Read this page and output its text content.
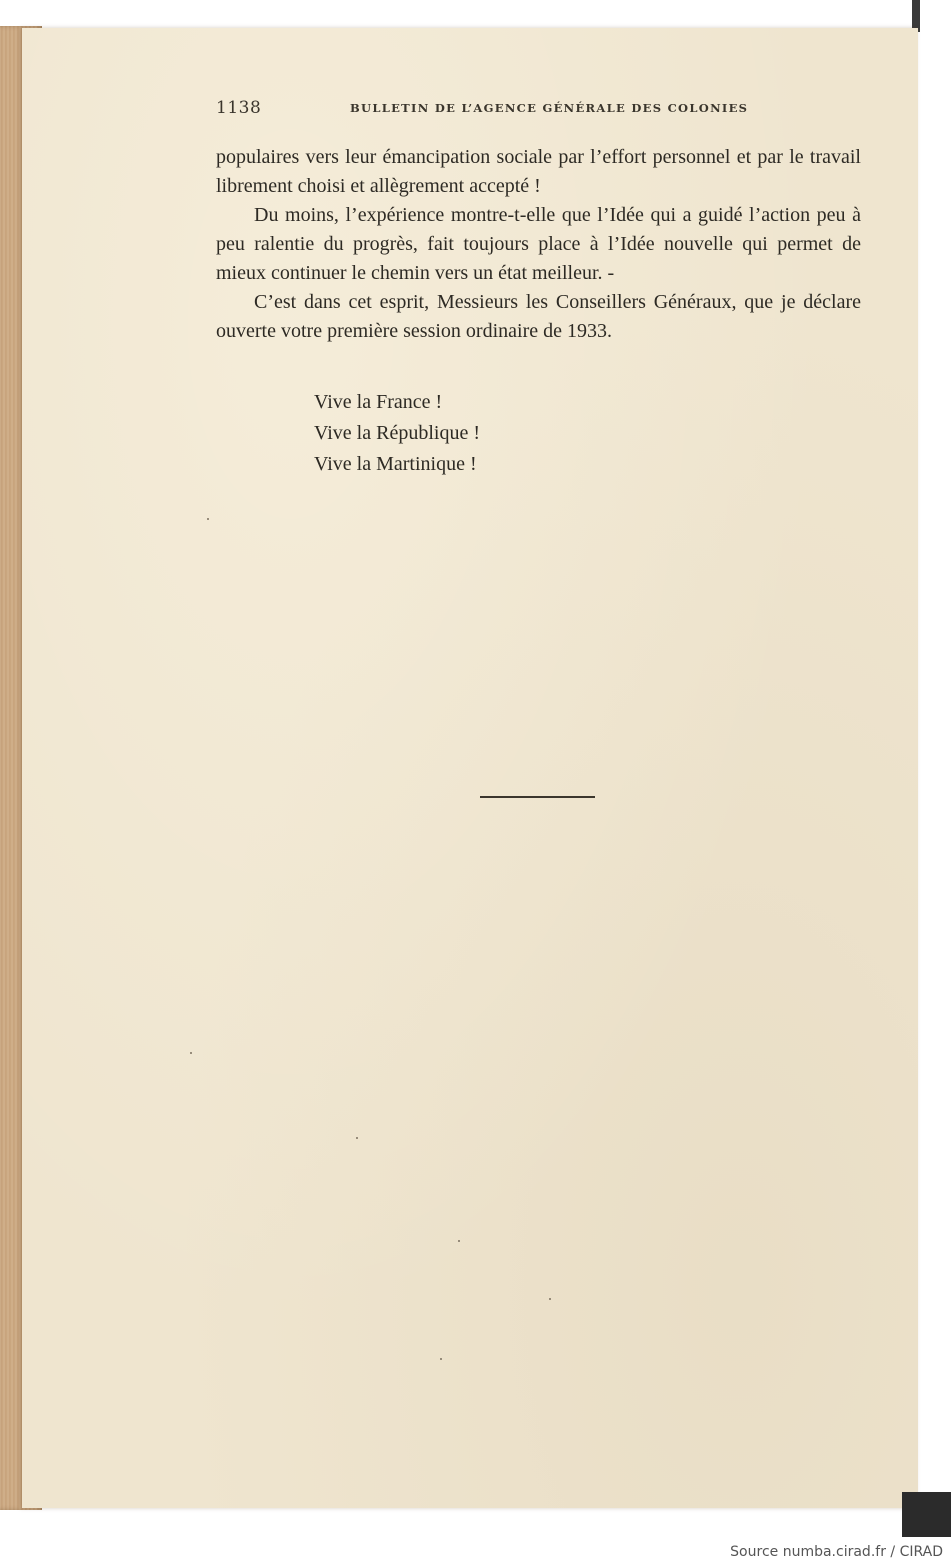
1138	BULLETIN DE L’AGENCE GÉNÉRALE DES COLONIES

populaires vers leur émancipation sociale par l’effort personnel et par le travail librement choisi et allègrement accepté !

Du moins, l’expérience montre-t-elle que l’Idée qui a guidé l’action peu à peu ralentie du progrès, fait toujours place à l’Idée nouvelle qui permet de mieux continuer le chemin vers un état meilleur. -

C’est dans cet esprit, Messieurs les Conseillers Généraux, que je déclare ouverte votre première session ordinaire de 1933.

Vive la France !
Vive la République !
Vive la Martinique !
Source numba.cirad.fr / CIRAD
